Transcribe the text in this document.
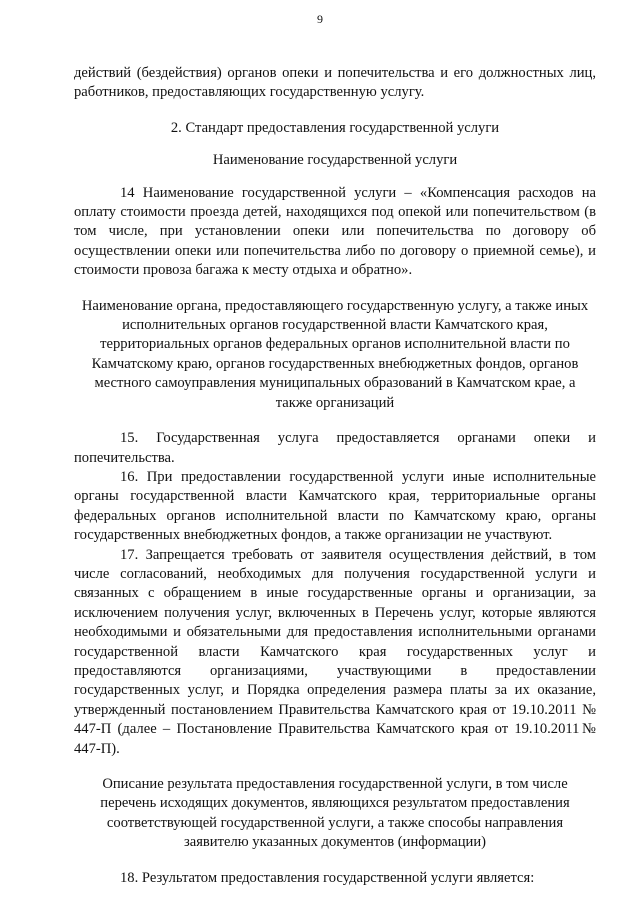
9

действий (бездействия) органов опеки и попечительства и его должностных лиц, работников, предоставляющих государственную услугу.

2. Стандарт предоставления государственной услуги

Наименование государственной услуги

14 Наименование государственной услуги – «Компенсация расходов на оплату стоимости проезда детей, находящихся под опекой или попечительством (в том числе, при установлении опеки или попечительства по договору об осуществлении опеки или попечительства либо по договору о приемной семье), и стоимости провоза багажа к месту отдыха и обратно».

Наименование органа, предоставляющего государственную услугу, а также иных исполнительных органов государственной власти Камчатского края, территориальных органов федеральных органов исполнительной власти по Камчатскому краю, органов государственных внебюджетных фондов, органов местного самоуправления муниципальных образований в Камчатском крае, а также организаций

15. Государственная услуга предоставляется органами опеки и попечительства.

16. При предоставлении государственной услуги иные исполнительные органы государственной власти Камчатского края, территориальные органы федеральных органов исполнительной власти по Камчатскому краю, органы государственных внебюджетных фондов, а также организации не участвуют.

17. Запрещается требовать от заявителя осуществления действий, в том числе согласований, необходимых для получения государственной услуги и связанных с обращением в иные государственные органы и организации, за исключением получения услуг, включенных в Перечень услуг, которые являются необходимыми и обязательными для предоставления исполнительными органами государственной власти Камчатского края государственных услуг и предоставляются организациями, участвующими в предоставлении государственных услуг, и Порядка определения размера платы за их оказание, утвержденный постановлением Правительства Камчатского края от 19.10.2011 № 447-П (далее – Постановление Правительства Камчатского края от 19.10.2011№ 447-П).

Описание результата предоставления государственной услуги, в том числе перечень исходящих документов, являющихся результатом предоставления соответствующей государственной услуги, а также способы направления заявителю указанных документов (информации)

18. Результатом предоставления государственной услуги является:
